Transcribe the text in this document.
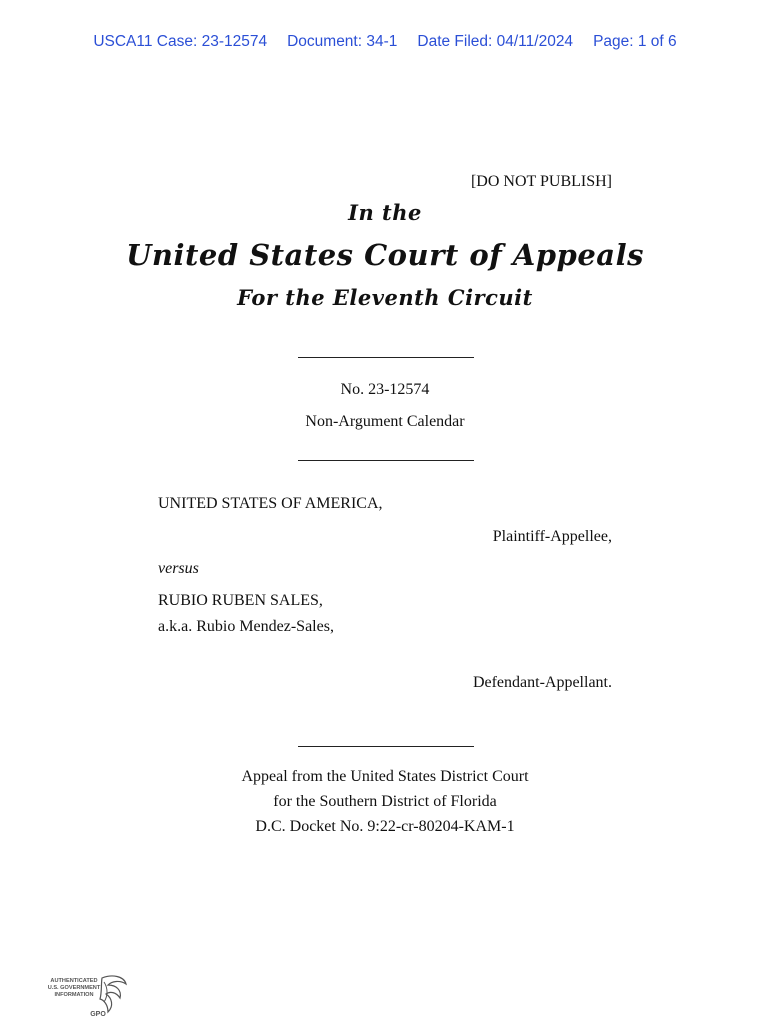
USCA11 Case: 23-12574 Document: 34-1 Date Filed: 04/11/2024 Page: 1 of 6
[DO NOT PUBLISH]
In the
United States Court of Appeals
For the Eleventh Circuit
No. 23-12574
Non-Argument Calendar
UNITED STATES OF AMERICA,
Plaintiff-Appellee,
versus
RUBIO RUBEN SALES,
a.k.a. Rubio Mendez-Sales,
Defendant-Appellant.
Appeal from the United States District Court
for the Southern District of Florida
D.C. Docket No. 9:22-cr-80204-KAM-1
AUTHENTICATED
U.S. GOVERNMENT
INFORMATION
GPO
